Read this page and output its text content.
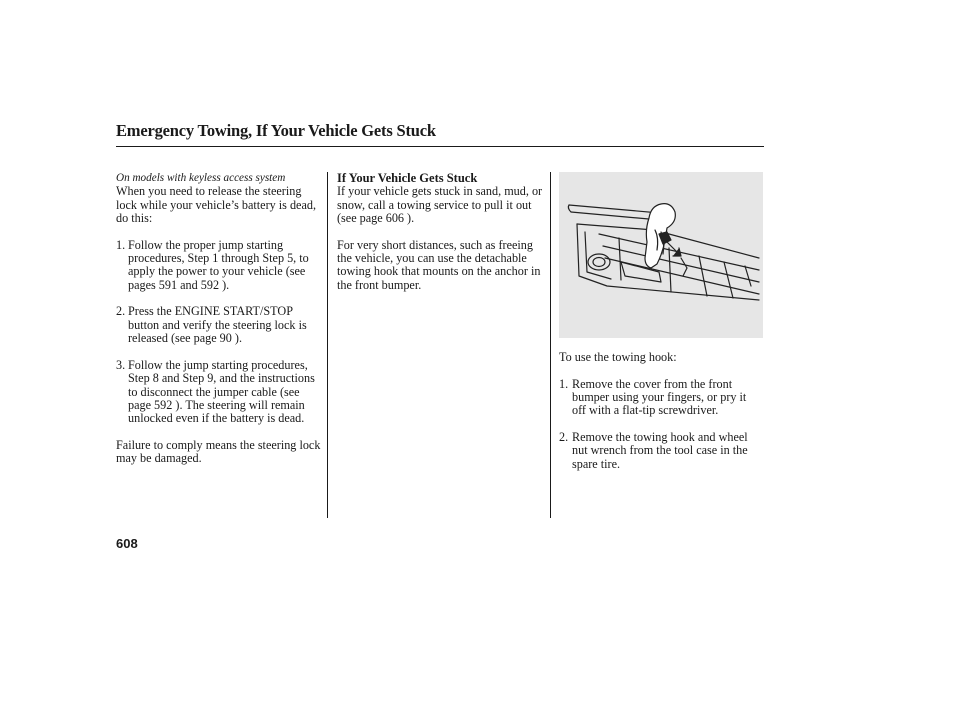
Emergency Towing, If Your Vehicle Gets Stuck

On models with keyless access system

When you need to release the steering lock while your vehicle’s battery is dead, do this:

1. Follow the proper jump starting procedures, Step 1 through Step 5, to apply the power to your vehicle (see pages 591 and 592 ).
2. Press the ENGINE START/STOP button and verify the steering lock is released (see page 90 ).
3. Follow the jump starting procedures, Step 8 and Step 9, and the instructions to disconnect the jumper cable (see page 592 ). The steering will remain unlocked even if the battery is dead.

Failure to comply means the steering lock may be damaged.

If Your Vehicle Gets Stuck

If your vehicle gets stuck in sand, mud, or snow, call a towing service to pull it out (see page 606 ).

For very short distances, such as freeing the vehicle, you can use the detachable towing hook that mounts on the anchor in the front bumper.

To use the towing hook:

1. Remove the cover from the front bumper using your fingers, or pry it off with a flat-tip screwdriver.
2. Remove the towing hook and wheel nut wrench from the tool case in the spare tire.
608
